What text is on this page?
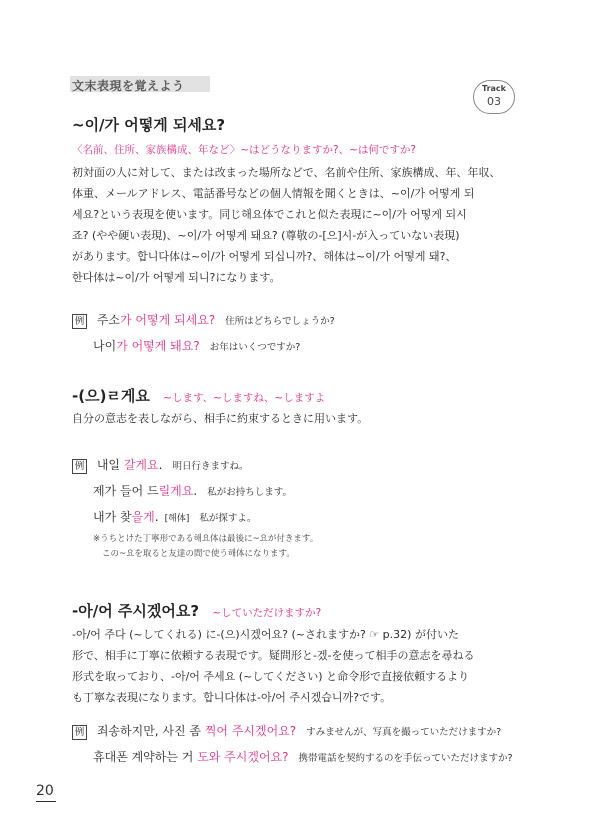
文末表現を覚えよう	Track
03
~이/가 어떻게 되세요?
〈名前、住所、家族構成、年など〉~はどうなりますか?、~は何ですか?
初対面の人に対して、または改まった場所などで、名前や住所、家族構成、年、年収、
体重、メールアドレス、電話番号などの個人情報を聞くときは、~이/가 어떻게 되
세요?という表現を使います。同じ해요体でこれと似た表現に~이/가 어떻게 되시
죠? (やや硬い表現)、~이/가 어떻게 돼요? (尊敬の-[으]시-が入っていない表現)
があります。합니다体は~이/가 어떻게 되십니까?、해体は~이/가 어떻게 돼?、
한다体は~이/가 어떻게 되니?になります。
例 주소가 어떻게 되세요? 住所はどちらでしょうか?
나이가 어떻게 돼요? お年はいくつですか?
-(으)ㄹ게요 ~します、~しますね、~しますよ
自分の意志を表しながら、相手に約束するときに用います。
例 내일 갈게요. 明日行きますね。
제가 들어 드릴게요. 私がお持ちします。
내가 찾을게. [해体] 私が探すよ。
※うちとけた丁寧形である해요体は最後に~요が付きます。
この~요を取ると友達の間で使う해体になります。
-아/어 주시겠어요? ~していただけますか?
-아/어 주다 (~してくれる) に-(으)시겠어요? (~されますか? ☞ p.32) が付いた
形で、相手に丁寧に依頼する表現です。疑問形と-겠-を使って相手の意志を尋ねる
形式を取っており、-아/어 주세요 (~してください) と命令形で直接依頼するより
も丁寧な表現になります。합니다体は-아/어 주시겠습니까?です。
例 죄송하지만, 사진 좀 찍어 주시겠어요? すみませんが、写真を撮っていただけますか?
휴대폰 계약하는 거 도와 주시겠어요? 携帯電話を契約するのを手伝っていただけますか?
20
